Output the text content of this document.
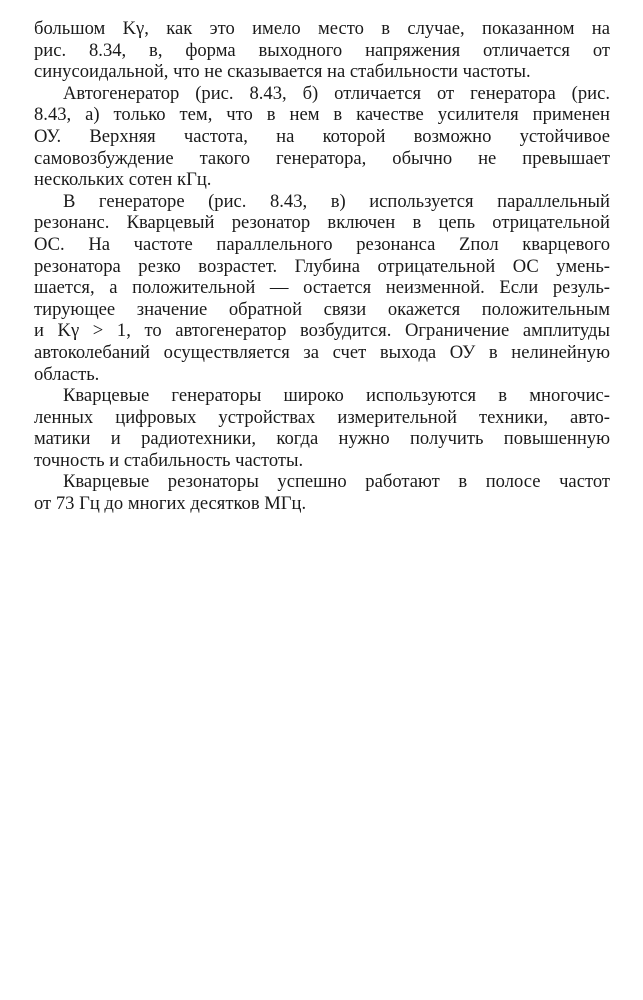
большом Kγ, как это имело место в случае, показанном на
рис. 8.34, в, форма выходного напряжения отличается от
синусоидальной, что не сказывается на стабильности частоты.

Автогенератор (рис. 8.43, б) отличается от генератора (рис.
8.43, а) только тем, что в нем в качестве усилителя применен
ОУ. Верхняя частота, на которой возможно устойчивое
самовозбуждение такого генератора, обычно не превышает
нескольких сотен кГц.

В генераторе (рис. 8.43, в) используется параллельный
резонанс. Кварцевый резонатор включен в цепь отрицательной
ОС. На частоте параллельного резонанса Zпол кварцевого
резонатора резко возрастет. Глубина отрицательной ОС умень-
шается, а положительной — остается неизменной. Если резуль-
тирующее значение обратной связи окажется положительным
и Kγ > 1, то автогенератор возбудится. Ограничение амплитуды
автоколебаний осуществляется за счет выхода ОУ в нелинейную
область.

Кварцевые генераторы широко используются в многочис-
ленных цифровых устройствах измерительной техники, авто-
матики и радиотехники, когда нужно получить повышенную
точность и стабильность частоты.

Кварцевые резонаторы успешно работают в полосе частот
от 73 Гц до многих десятков МГц.
